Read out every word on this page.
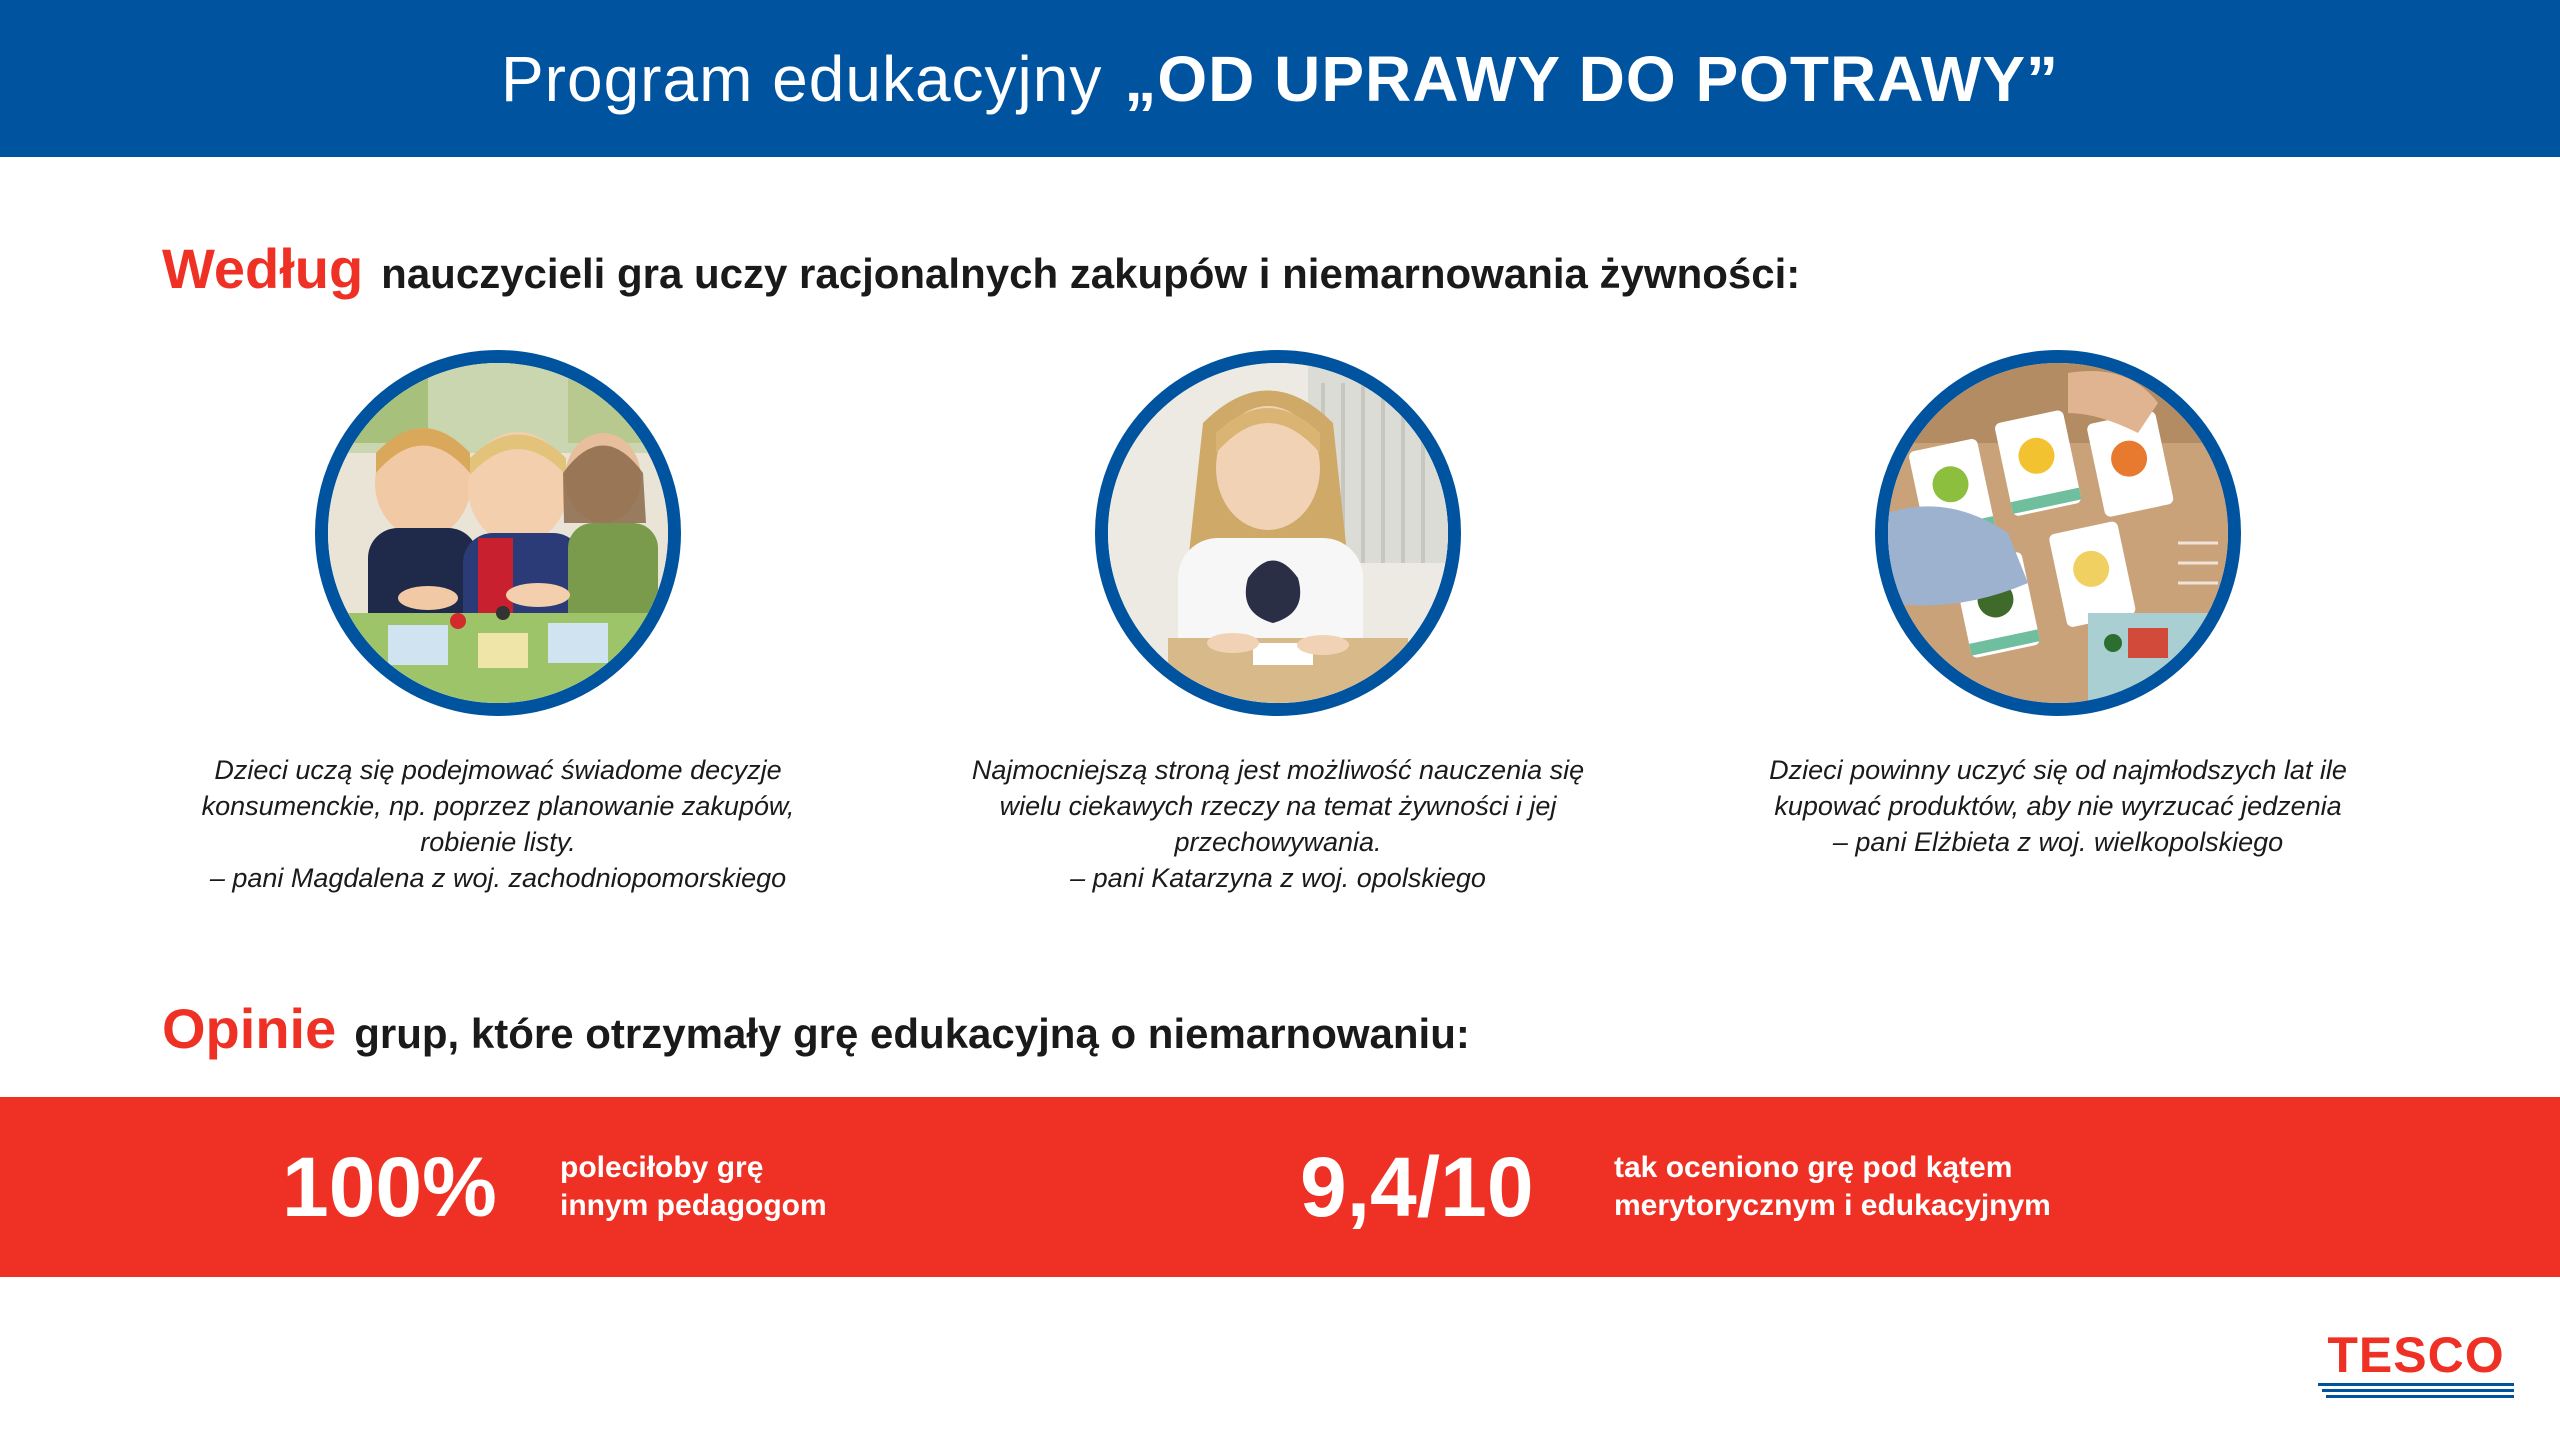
Program edukacyjny „OD UPRAWY DO POTRAWY”
Według nauczycieli gra uczy racjonalnych zakupów i niemarnowania żywności:
Dzieci uczą się podejmować świadome decyzje konsumenckie, np. poprzez planowanie zakupów, robienie listy.
– pani Magdalena z woj. zachodniopomorskiego
Najmocniejszą stroną jest możliwość nauczenia się wielu ciekawych rzeczy na temat żywności i jej przechowywania.
– pani Katarzyna z woj. opolskiego
Dzieci powinny uczyć się od najmłodszych lat ile kupować produktów, aby nie wyrzucać jedzenia
– pani Elżbieta z woj. wielkopolskiego
Opinie grup, które otrzymały grę edukacyjną o niemarnowaniu:
100% poleciłoby grę
innym pedagogom	9,4/10	tak oceniono grę pod kątem
merytorycznym i edukacyjnym
TESCO
